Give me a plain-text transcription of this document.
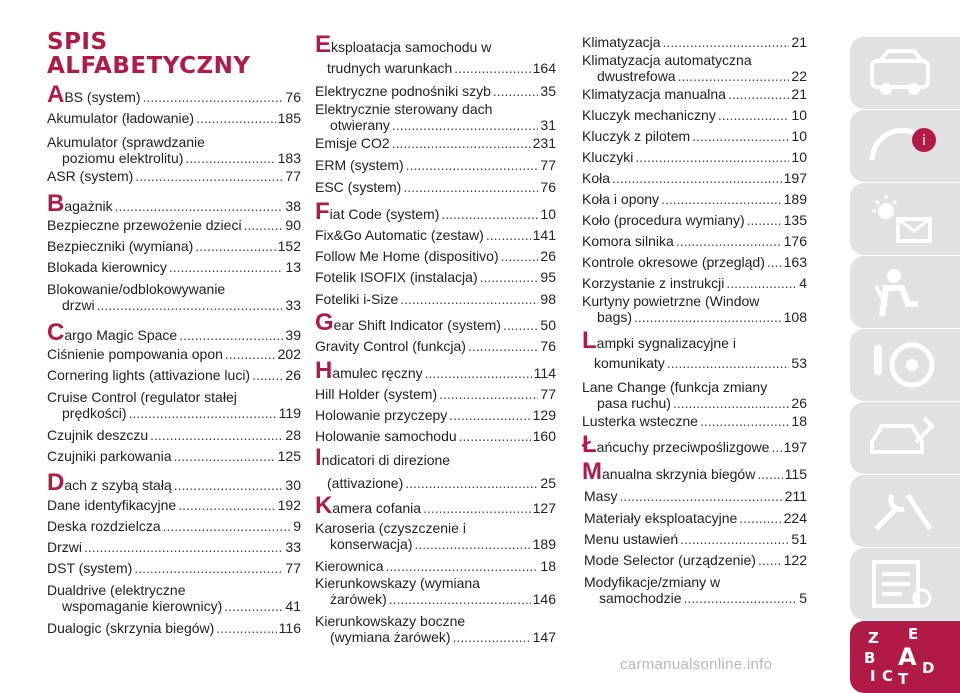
SPIS
ALFABETYCZNY
A BS (system) .....	76
Akumulator (ładowanie) .....	185
Akumulator (sprawdzanie
poziomu elektrolitu) .....	183
ASR (system) .....	77
B agażnik .....	38
Bezpieczne przewożenie dzieci .....	90
Bezpieczniki (wymiana) .....	152
Blokada kierownicy .....	13
Blokowanie/odblokowywanie
drzwi .....	33
C argo Magic Space .....	39
Ciśnienie pompowania opon .....	202
Cornering lights (attivazione luci) .....	26
Cruise Control (regulator stałej
prędkości) .....	119
Czujnik deszczu .....	28
Czujniki parkowania .....	125
D ach z szybą stałą .....	30
Dane identyfikacyjne .....	192
Deska rozdzielcza .....	9
Drzwi .....	33
DST (system) .....	77
Dualdrive (elektryczne
wspomaganie kierownicy) .....	41
Dualogic (skrzynia biegów) .....	116
E ksploatacja samochodu w
trudnych warunkach .....	164
Elektryczne podnośniki szyb .....	35
Elektrycznie sterowany dach
otwierany .....	31
Emisje CO2 .....	231
ERM (system) .....	77
ESC (system) .....	76
F iat Code (system) .....	10
Fix&Go Automatic (zestaw) .....	141
Follow Me Home (dispositivo) .....	26
Fotelik ISOFIX (instalacja) .....	95
Foteliki i-Size .....	98
G ear Shift Indicator (system) .....	50
Gravity Control (funkcja) .....	76
H amulec ręczny .....	114
Hill Holder (system) .....	77
Holowanie przyczepy .....	129
Holowanie samochodu .....	160
I ndicatori di direzione
(attivazione) .....	25
K amera cofania .....	127
Karoseria (czyszczenie i
konserwacja) .....	189
Kierownica .....	18
Kierunkowskazy (wymiana
żarówek) .....	146
Kierunkowskazy boczne
(wymiana żarówek) .....	147
Klimatyzacja .....	21
Klimatyzacja automatyczna
dwustrefowa .....	22
Klimatyzacja manualna .....	21
Kluczyk mechaniczny .....	10
Kluczyk z pilotem .....	10
Kluczyki .....	10
Koła .....	197
Koła i opony .....	189
Koło (procedura wymiany) .....	135
Komora silnika .....	176
Kontrole okresowe (przegląd) ..... 163
Korzystanie z instrukcji .....	4
Kurtyny powietrzne (Window
bags) .....	108
L ampki sygnalizacyjne i
komunikaty .....	53
Lane Change (funkcja zmiany
pasa ruchu) .....	26
Lusterka wsteczne .....	18
Ł ańcuchy przeciwpoślizgowe ..... 197
M anualna skrzynia biegów ..... 115
Masy .....	211
Materiały eksploatacyjne .....	224
Menu ustawień .....	51
Mode Selector (urządzenie) ..... 122
Modyfikacje/zmiany w
samochodzie .....	5
i
Z E
B A D
I C T
carmanualsonline.info
